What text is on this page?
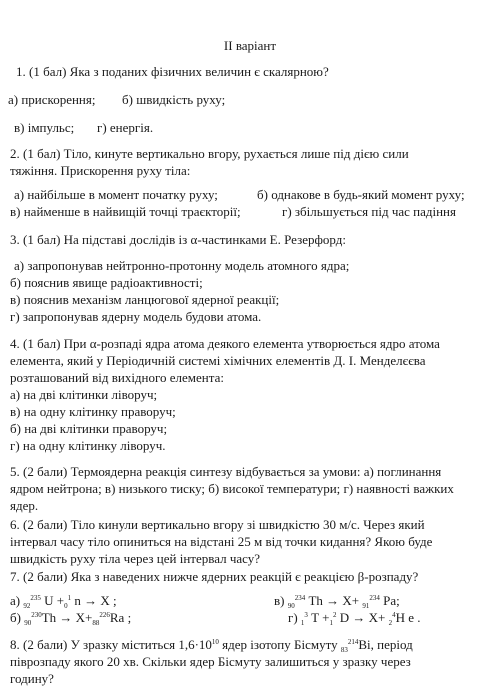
II варіант
1. (1 бал) Яка з поданих фізичних величин є скалярною?
а) прискорення; б) швидкість руху;
в) імпульс; г) енергія.
2. (1 бал) Тіло, кинуте вертикально вгору, рухається лише під дією сили
тяжіння. Прискорення руху тіла:
а) найбільше в момент початку руху;	б) однакове в будь-який момент руху;
в) найменше в найвищій точці траєкторії;	г) збільшується під час падіння
3. (1 бал) На підставі дослідів із α-частинками Е. Резерфорд:
а) запропонував нейтронно-протонну модель атомного ядра;
б) пояснив явище радіоактивності;
в) пояснив механізм ланцюгової ядерної реакції;
г) запропонував ядерну модель будови атома.
4. (1 бал) При α-розпаді ядра атома деякого елемента утворюється ядро атома
елемента, який у Періодичній системі хімічних елементів Д. І. Менделєєва
розташований від вихідного елемента:
а) на дві клітинки ліворуч;
в) на одну клітинку праворуч;
б) на дві клітинки праворуч;
г) на одну клітинку ліворуч.
5. (2 бали) Термоядерна реакція синтезу відбувається за умови: а) поглинання
ядром нейтрона; в) низького тиску; б) високої температури; г) наявності важких
ядер.
6. (2 бали) Тіло кинули вертикально вгору зі швидкістю 30 м/с. Через який
інтервал часу тіло опиниться на відстані 25 м від точки кидання? Якою буде
швидкість руху тіла через цей інтервал часу?
7. (2 бали) Яка з наведених нижче ядерних реакцій є реакцією β-розпаду?
а) $_{92}^{235}$ $U +_0^1$ n → X ;	в) $_{90}^{234}$ Th → X+ $_{91}^{234}$ Pa;
б) $_{90}^{230}Th \to X+_{88}^{226}Ra$ ;	г) $_1^3$ $T +_1^2$ D → X+ $_2^4$H e .
8. (2 бали) У зразку міститься $1,6\cdot 10^{10}$ ядер ізотопу Бісмуту $_{83}^{214}$Bi, період
піврозпаду якого 20 хв. Скільки ядер Бісмуту залишиться у зразку через
годину?
